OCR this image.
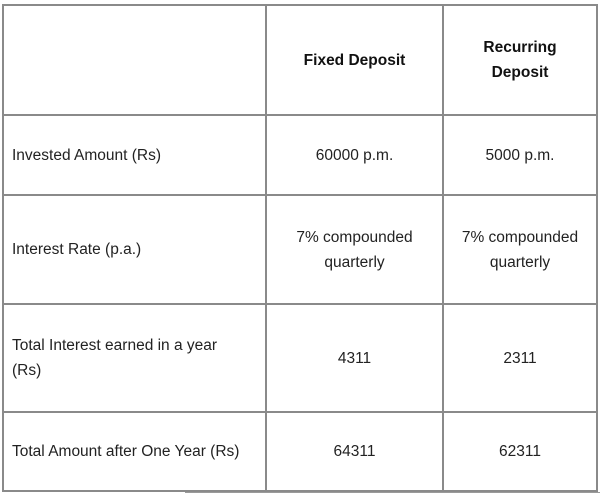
	Fixed Deposit	Recurring Deposit
Invested Amount (Rs)	60000 p.m.	5000 p.m.
Interest Rate (p.a.)	7% compounded quarterly	7% compounded quarterly
Total Interest earned in a year (Rs)	4311	2311
Total Amount after One Year (Rs)	64311	62311
